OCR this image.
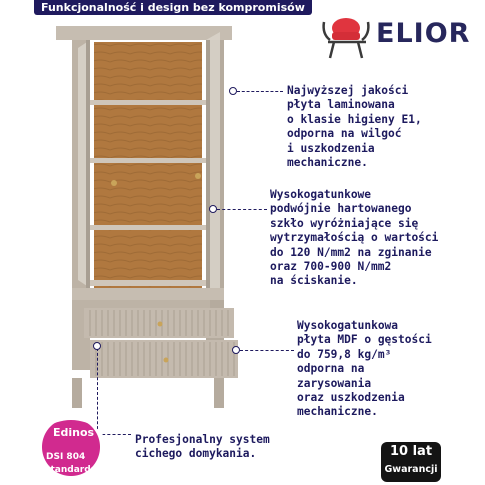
Funkcjonalność i design bez kompromisów
ELIOR
Najwyższej jakości
płyta laminowana
o klasie higieny E1,
odporna na wilgoć
i uszkodzenia
mechaniczne.
Wysokogatunkowe
podwójnie hartowanego
szkło wyróżniające się
wytrzymałością o wartości
do 120 N/mm2 na zginanie
oraz 700-900 N/mm2
na ściskanie.
Wysokogatunkowa
płyta MDF o gęstości
do 759,8 kg/m³
odporna na
zarysowania
oraz uszkodzenia
mechaniczne.
Profesjonalny system
cichego domykania.
Edinos
DSI 804
Standards
10 lat
Gwarancji
